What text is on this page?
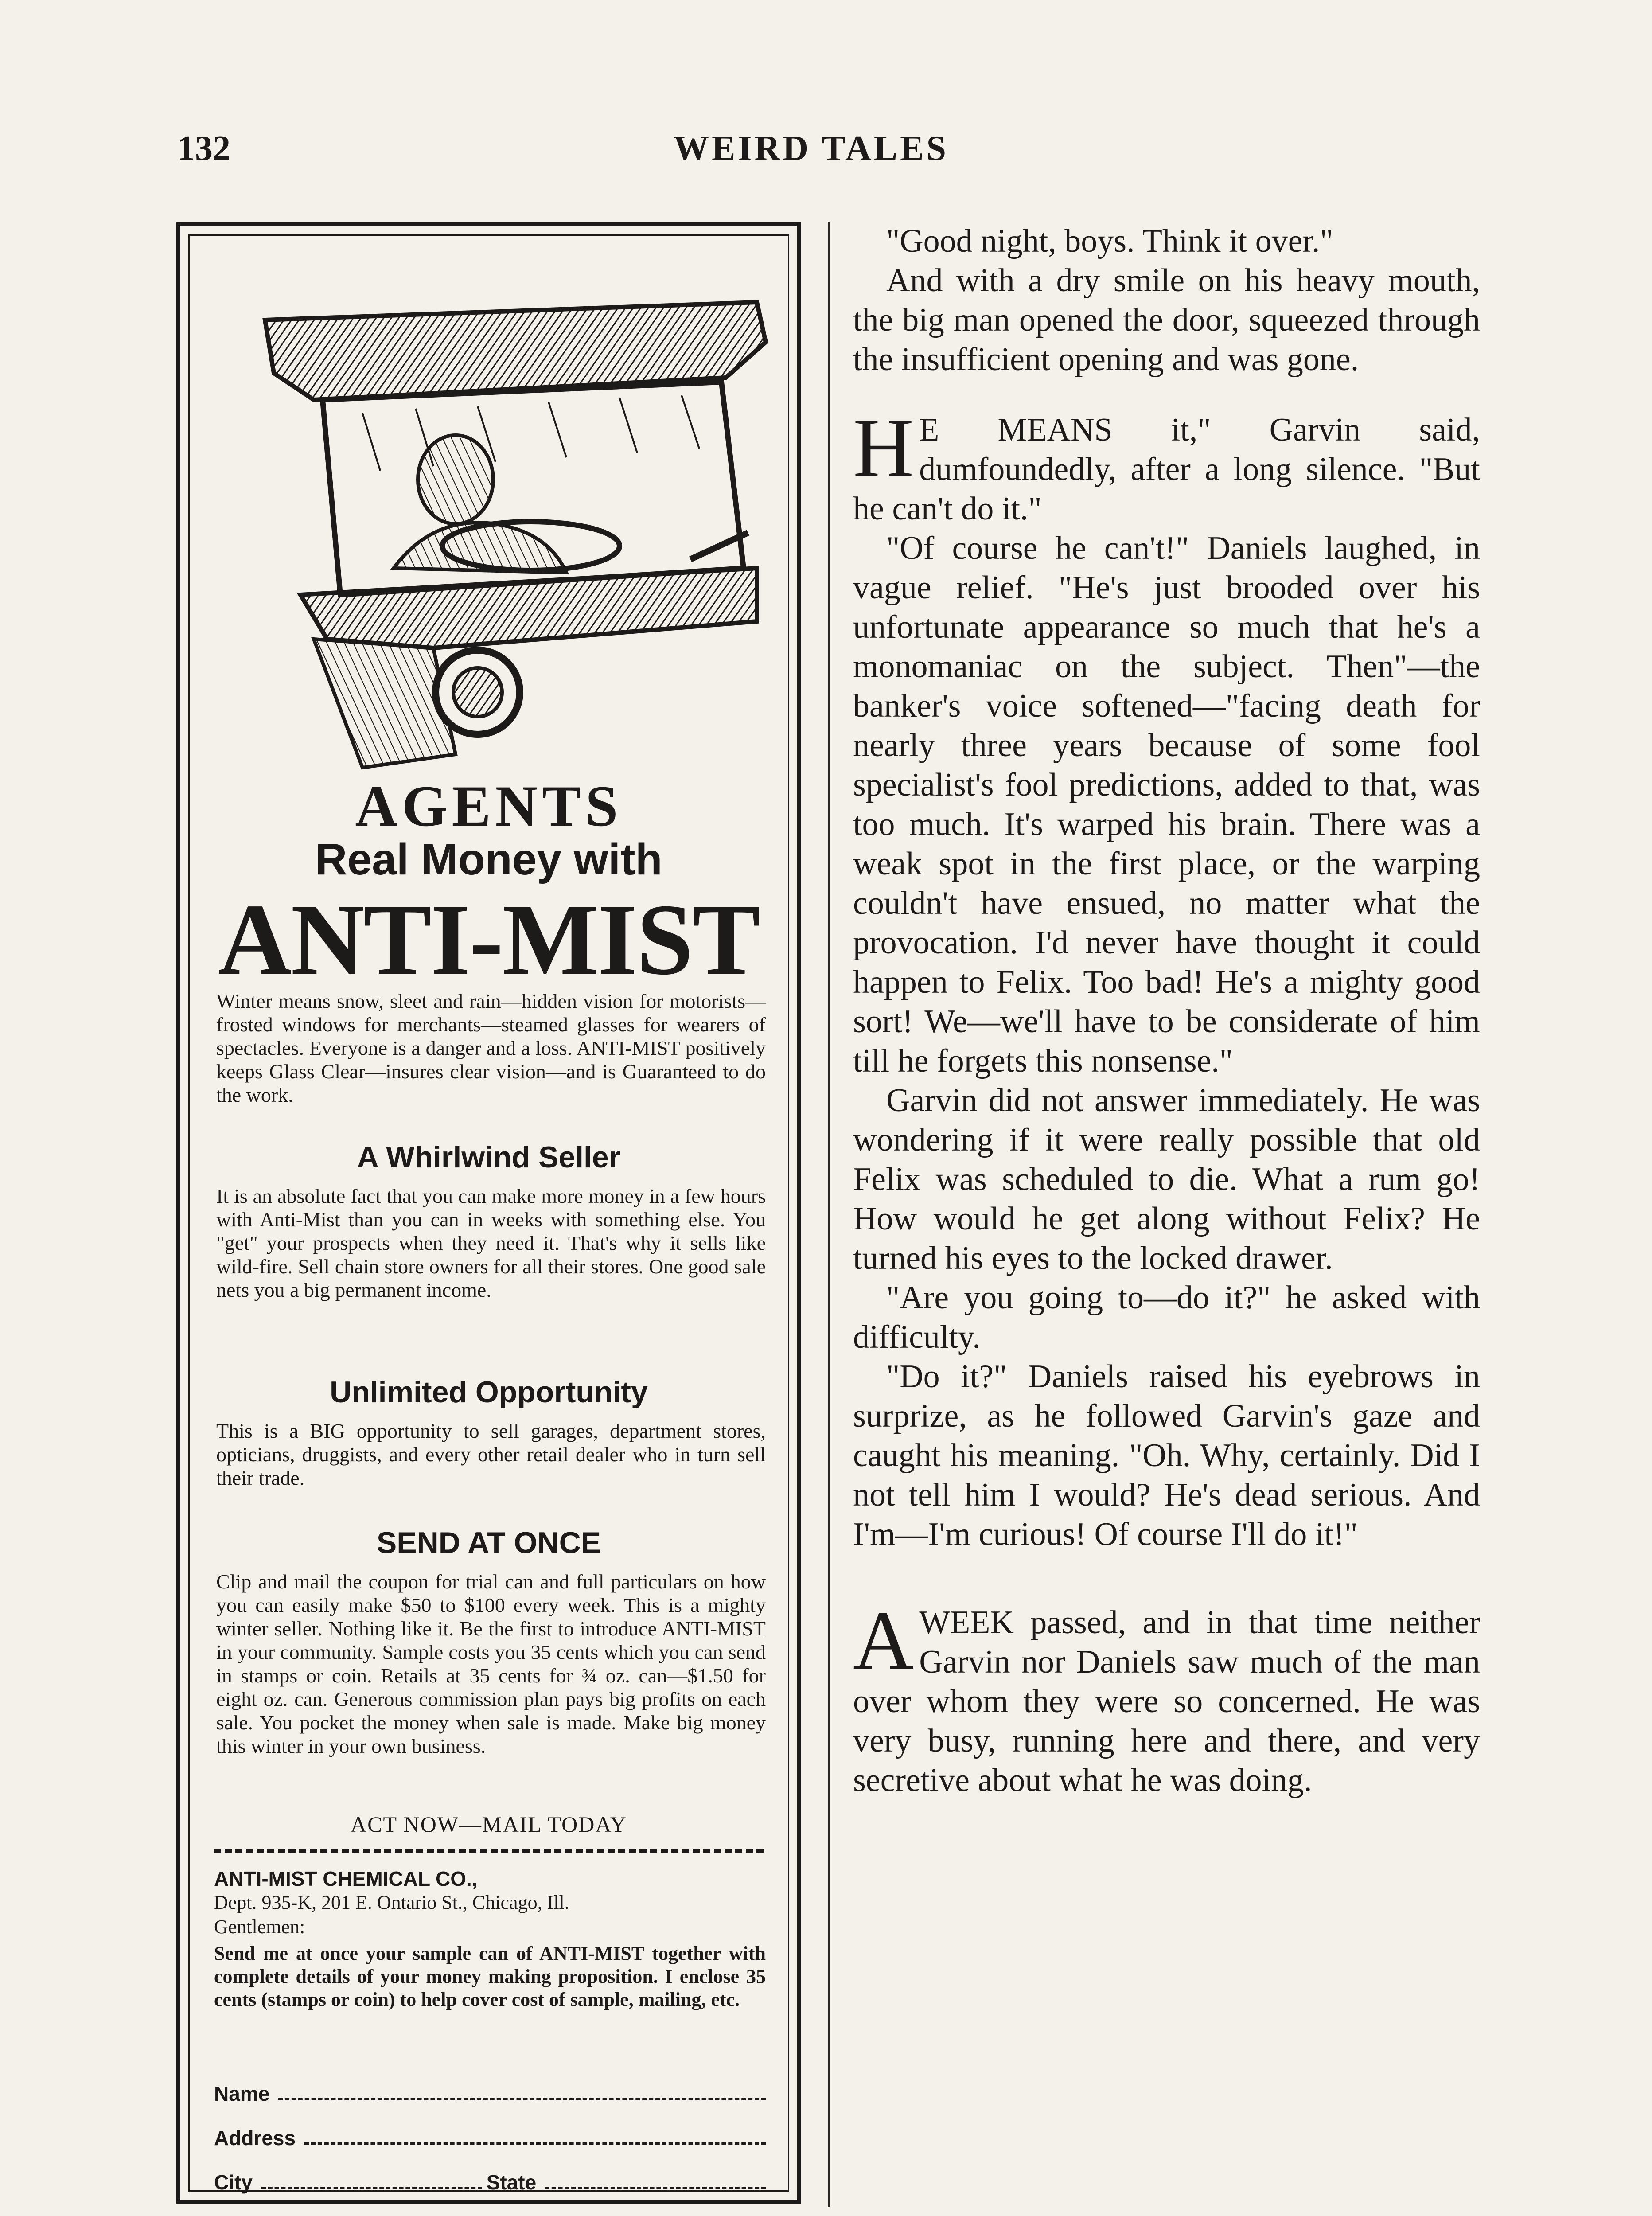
132	WEIRD TALES
AGENTS
Real Money with
ANTI-MIST
Winter means snow, sleet and rain—hidden vision for motorists—frosted windows for merchants—steamed glasses for wearers of spectacles. Everyone is a danger and a loss. ANTI-MIST positively keeps Glass Clear—insures clear vision—and is Guaranteed to do the work.
A Whirlwind Seller
It is an absolute fact that you can make more money in a few hours with Anti-Mist than you can in weeks with something else. You "get" your prospects when they need it. That's why it sells like wild-fire. Sell chain store owners for all their stores. One good sale nets you a big permanent income.
Unlimited Opportunity
This is a BIG opportunity to sell garages, department stores, opticians, druggists, and every other retail dealer who in turn sell their trade.
SEND AT ONCE
Clip and mail the coupon for trial can and full particulars on how you can easily make $50 to $100 every week. This is a mighty winter seller. Nothing like it. Be the first to introduce ANTI-MIST in your community. Sample costs you 35 cents which you can send in stamps or coin. Retails at 35 cents for ¾ oz. can—$1.50 for eight oz. can. Generous commission plan pays big profits on each sale. You pocket the money when sale is made. Make big money this winter in your own business.
ACT NOW—MAIL TODAY
ANTI-MIST CHEMICAL CO.,
Dept. 935-K, 201 E. Ontario St., Chicago, Ill.
Gentlemen:
Send me at once your sample can of ANTI-MIST together with complete details of your money making proposition. I enclose 35 cents (stamps or coin) to help cover cost of sample, mailing, etc.
Name
Address
City	State

"Good night, boys. Think it over."

And with a dry smile on his heavy mouth, the big man opened the door, squeezed through the insufficient opening and was gone.

H E MEANS it," Garvin said, dumfoundedly, after a long silence. "But he can't do it."

"Of course he can't!" Daniels laughed, in vague relief. "He's just brooded over his unfortunate appearance so much that he's a monomaniac on the subject. Then"—the banker's voice softened—"facing death for nearly three years because of some fool specialist's fool predictions, added to that, was too much. It's warped his brain. There was a weak spot in the first place, or the warping couldn't have ensued, no matter what the provocation. I'd never have thought it could happen to Felix. Too bad! He's a mighty good sort! We—we'll have to be considerate of him till he forgets this nonsense."

Garvin did not answer immediately. He was wondering if it were really possible that old Felix was scheduled to die. What a rum go! How would he get along without Felix? He turned his eyes to the locked drawer.

"Are you going to—do it?" he asked with difficulty.

"Do it?" Daniels raised his eyebrows in surprize, as he followed Garvin's gaze and caught his meaning. "Oh. Why, certainly. Did I not tell him I would? He's dead serious. And I'm—I'm curious! Of course I'll do it!"

AWEEK passed, and in that time neither Garvin nor Daniels saw much of the man over whom they were so concerned. He was very busy, running here and there, and very secretive about what he was doing.
